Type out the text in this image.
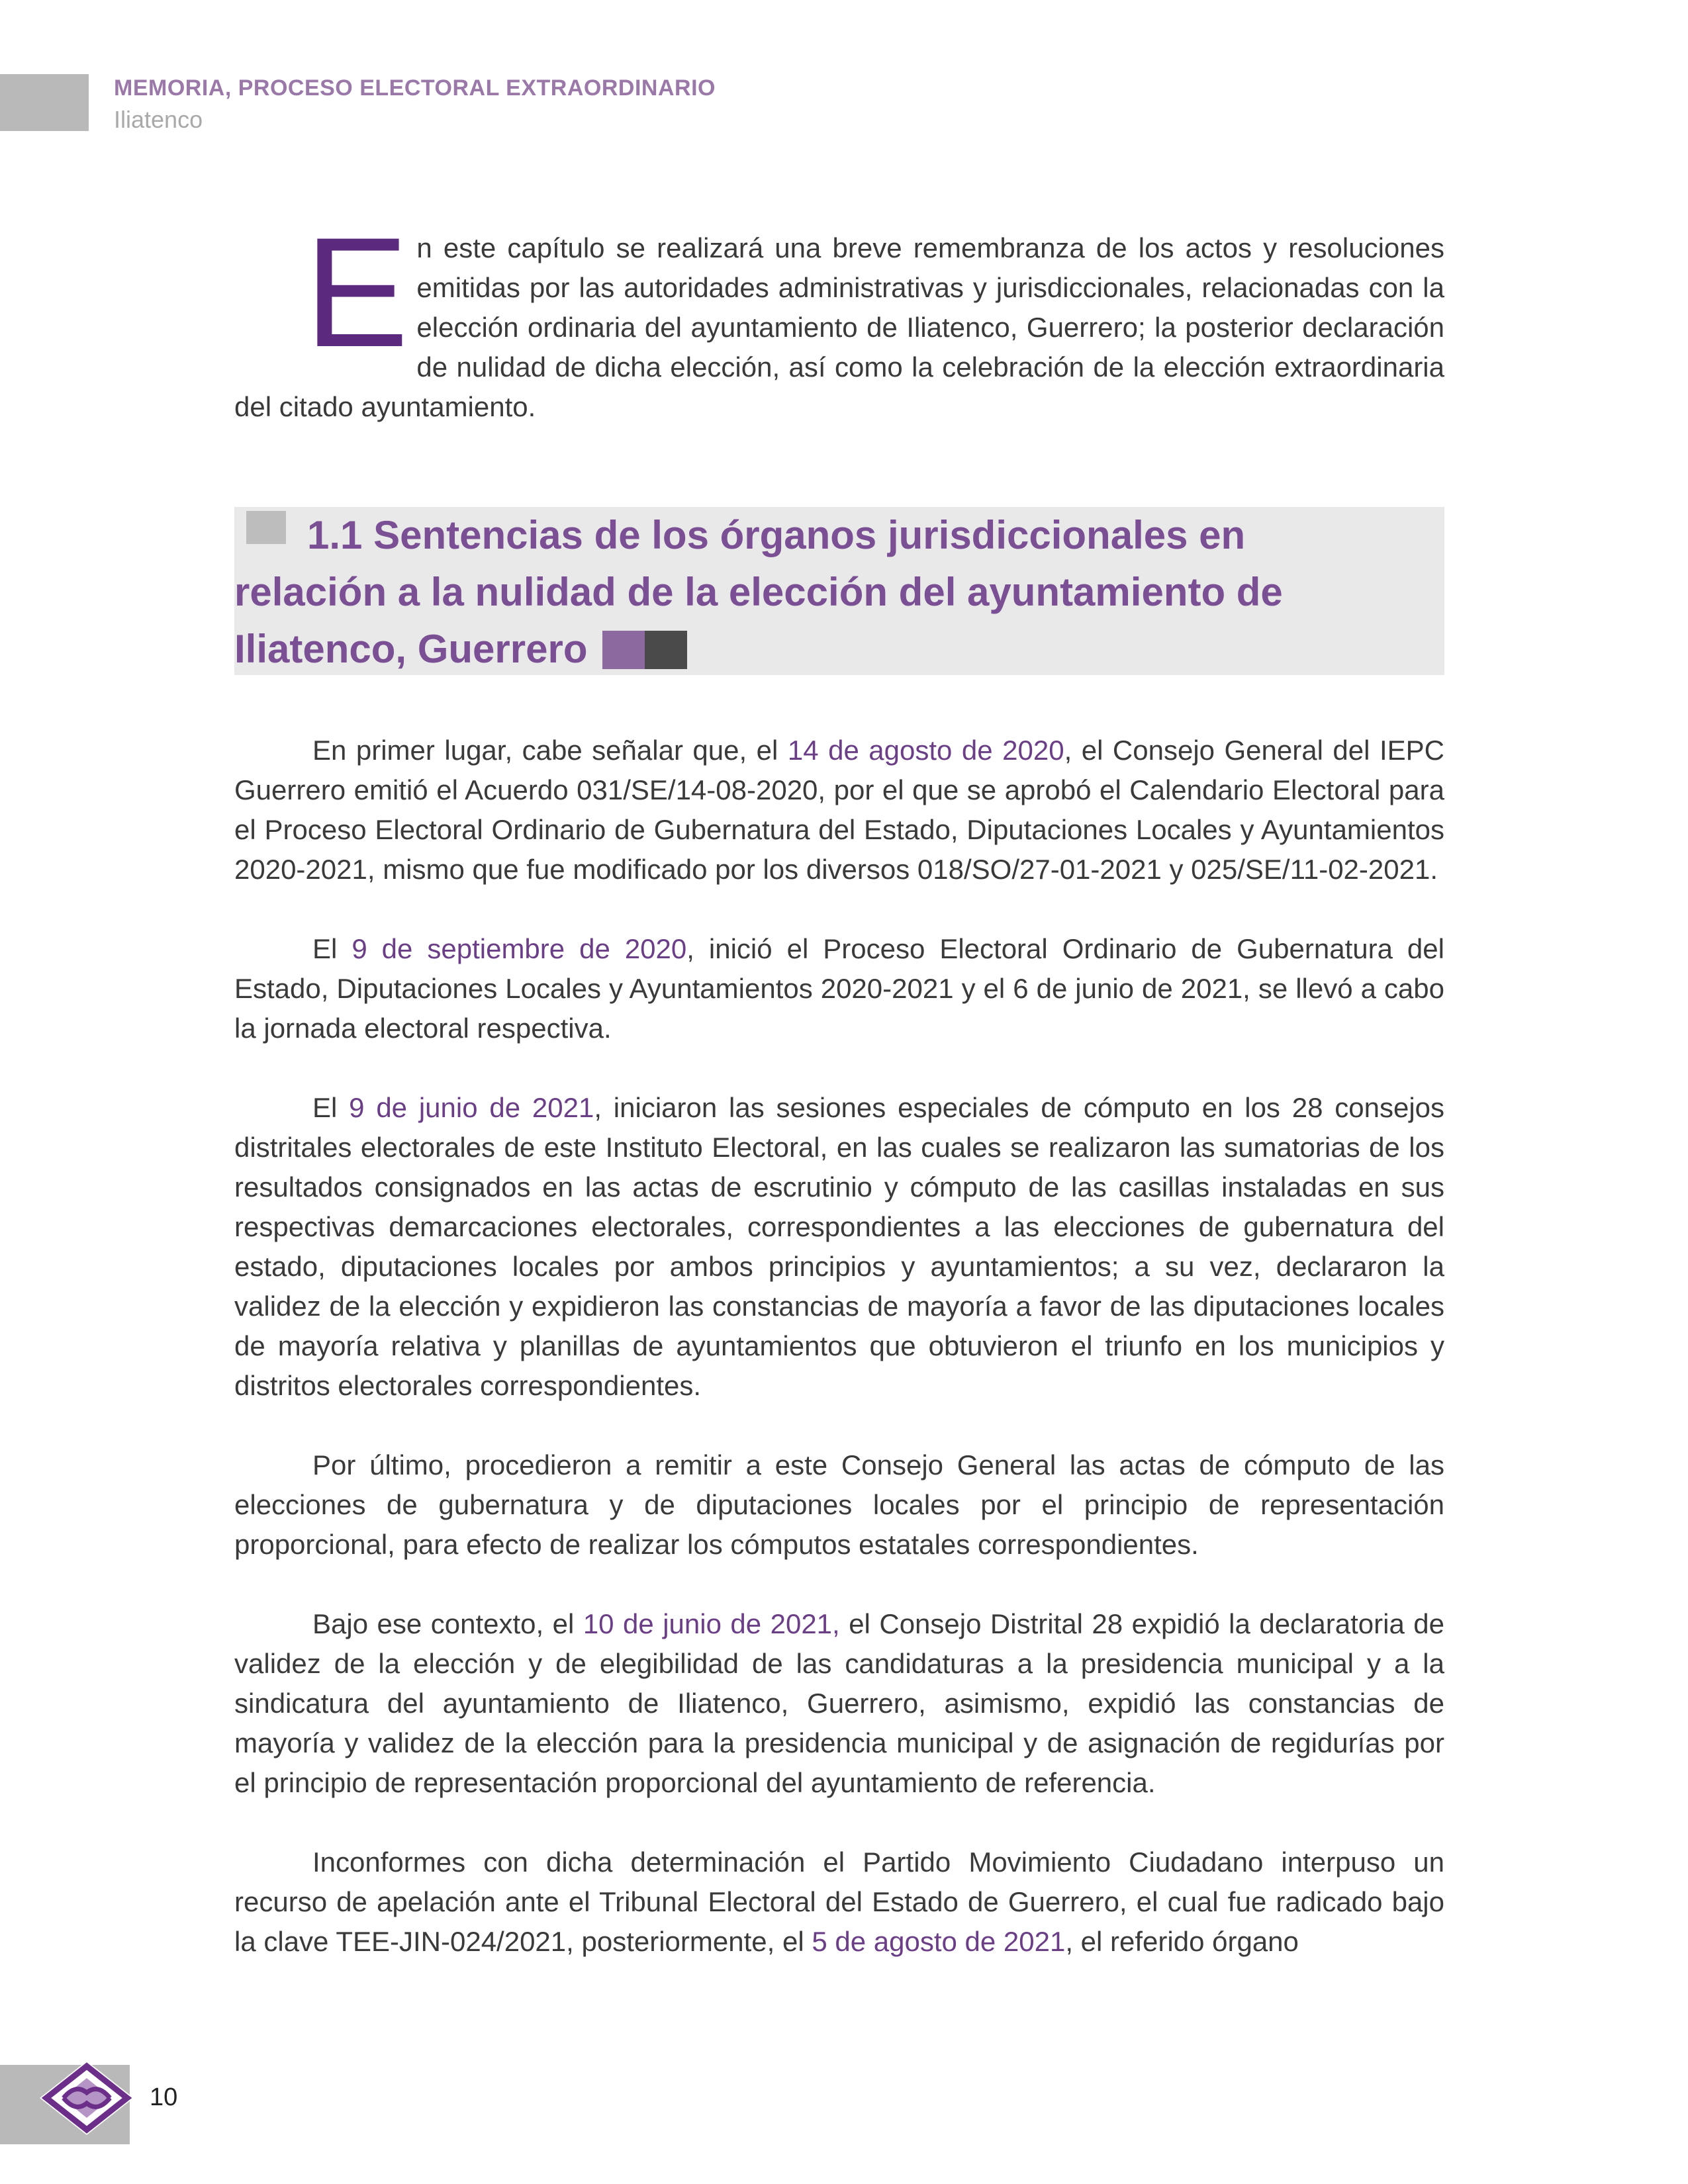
MEMORIA, PROCESO ELECTORAL EXTRAORDINARIO
Iliatenco
En este capítulo se realizará una breve remembranza de los actos y resoluciones emitidas por las autoridades administrativas y jurisdiccionales, relacionadas con la elección ordinaria del ayuntamiento de Iliatenco, Guerrero; la posterior declaración de nulidad de dicha elección, así como la celebración de la elección extraordinaria del citado ayuntamiento.
1.1 Sentencias de los órganos jurisdiccionales en
relación a la nulidad de la elección del ayuntamiento de
Iliatenco, Guerrero

En primer lugar, cabe señalar que, el 14 de agosto de 2020, el Consejo General del IEPC Guerrero emitió el Acuerdo 031/SE/14-08-2020, por el que se aprobó el Calendario Electoral para el Proceso Electoral Ordinario de Gubernatura del Estado, Diputaciones Locales y Ayuntamientos 2020-2021, mismo que fue modificado por los diversos 018/SO/27-01-2021 y 025/SE/11-02-2021.

El 9 de septiembre de 2020, inició el Proceso Electoral Ordinario de Gubernatura del Estado, Diputaciones Locales y Ayuntamientos 2020-2021 y el 6 de junio de 2021, se llevó a cabo la jornada electoral respectiva.

El 9 de junio de 2021, iniciaron las sesiones especiales de cómputo en los 28 consejos distritales electorales de este Instituto Electoral, en las cuales se realizaron las sumatorias de los resultados consignados en las actas de escrutinio y cómputo de las casillas instaladas en sus respectivas demarcaciones electorales, correspondientes a las elecciones de gubernatura del estado, diputaciones locales por ambos principios y ayuntamientos; a su vez, declararon la validez de la elección y expidieron las constancias de mayoría a favor de las diputaciones locales de mayoría relativa y planillas de ayuntamientos que obtuvieron el triunfo en los municipios y distritos electorales correspondientes.

Por último, procedieron a remitir a este Consejo General las actas de cómputo de las elecciones de gubernatura y de diputaciones locales por el principio de representación proporcional, para efecto de realizar los cómputos estatales correspondientes.

Bajo ese contexto, el 10 de junio de 2021, el Consejo Distrital 28 expidió la declaratoria de validez de la elección y de elegibilidad de las candidaturas a la presidencia municipal y a la sindicatura del ayuntamiento de Iliatenco, Guerrero, asimismo, expidió las constancias de mayoría y validez de la elección para la presidencia municipal y de asignación de regidurías por el principio de representación proporcional del ayuntamiento de referencia.

Inconformes con dicha determinación el Partido Movimiento Ciudadano interpuso un recurso de apelación ante el Tribunal Electoral del Estado de Guerrero, el cual fue radicado bajo la clave TEE-JIN-024/2021, posteriormente, el 5 de agosto de 2021, el referido órgano

10
